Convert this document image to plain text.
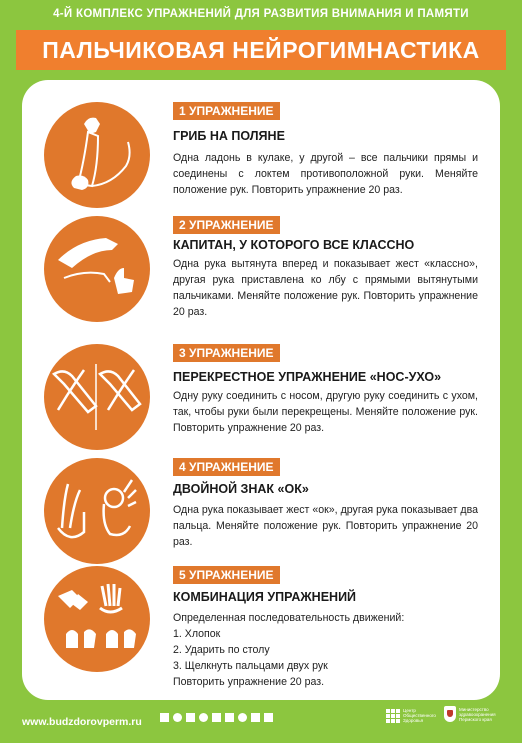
4-Й КОМПЛЕКС УПРАЖНЕНИЙ ДЛЯ РАЗВИТИЯ ВНИМАНИЯ И ПАМЯТИ
ПАЛЬЧИКОВАЯ НЕЙРОГИМНАСТИКА
1 УПРАЖНЕНИЕ
ГРИБ НА ПОЛЯНЕ
Одна ладонь в кулаке, у другой – все пальчики прямы и соединены с локтем противоположной руки. Меняйте положение рук. Повторить упражнение 20 раз.
2 УПРАЖНЕНИЕ
КАПИТАН, У КОТОРОГО ВСЕ КЛАССНО
Одна рука вытянута вперед и показывает жест «классно», другая рука приставлена ко лбу с прямыми вытянутыми пальчиками. Меняйте положение рук. Повторить упражнение 20 раз.
3 УПРАЖНЕНИЕ
ПЕРЕКРЕСТНОЕ УПРАЖНЕНИЕ «НОС-УХО»
Одну руку соединить с носом, другую руку соединить с ухом, так, чтобы руки были перекрещены. Меняйте положение рук. Повторить упражнение 20 раз.
4 УПРАЖНЕНИЕ
ДВОЙНОЙ ЗНАК «ОК»
Одна рука показывает жест «ок», другая рука показывает два пальца. Меняйте положение рук. Повторить упражнение 20 раз.
5 УПРАЖНЕНИЕ
КОМБИНАЦИЯ УПРАЖНЕНИЙ
Определенная последовательность движений:
1. Хлопок
2. Ударить по столу
3. Щелкнуть пальцами двух рук
Повторить упражнение 20 раз.
www.budzdorovperm.ru
Центр Общественного Здоровья
Министерство здравоохранения Пермского края
